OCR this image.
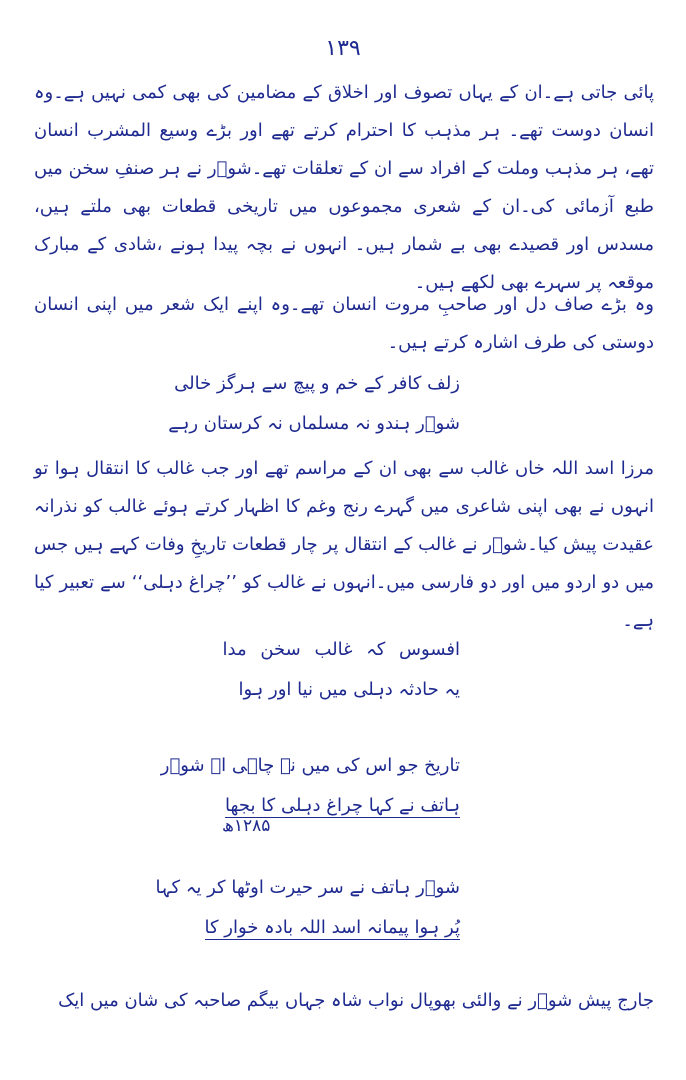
۱۳۹

پائی جاتی ہے۔ان کے یہاں تصوف اور اخلاق کے مضامین کی بھی کمی نہیں ہے۔وہ انسان دوست تھے۔ ہر مذہب کا احترام کرتے تھے اور بڑے وسیع المشرب انسان تھے، ہر مذہب وملت کے افراد سے ان کے تعلقات تھے۔شوؔر نے ہر صنفِ سخن میں طبع آزمائی کی۔ان کے شعری مجموعوں میں تاریخی قطعات بھی ملتے ہیں، مسدس اور قصیدے بھی بے شمار ہیں۔ انہوں نے بچہ پیدا ہونے ،شادی کے مبارک موقعہ پر سہرے بھی لکھے ہیں۔

وہ بڑے صاف دل اور صاحبِ مروت انسان تھے۔وہ اپنے ایک شعر میں اپنی انسان دوستی کی طرف اشارہ کرتے ہیں۔

زلف کافر کے خم و پیچ سے ہرگز خالی
شوؔر ہندو نہ مسلماں نہ کرستان رہے

مرزا اسد اللہ خاں غالب سے بھی ان کے مراسم تھے اور جب غالب کا انتقال ہوا تو انہوں نے بھی اپنی شاعری میں گہرے رنج وغم کا اظہار کرتے ہوئے غالب کو نذرانہ عقیدت پیش کیا۔شوؔر نے غالب کے انتقال پر چار قطعات تاریخِ وفات کہے ہیں جس میں دو اردو میں اور دو فارسی میں۔انہوں نے غالب کو ’’چراغ دہلی‘‘ سے تعبیر کیا ہے۔

افسوس کہ غالب سخن مدا
یہ حادثہ دہلی میں نیا اور ہوا
تاریخ جو اس کی میں نے چاہی اے شوؔر
ہاتف نے کہا چراغ دہلی کا بجھا
۱۲۸۵ھ
شوؔر ہاتف نے سر حیرت اوٹھا کر یہ کہا
پُر ہوا پیمانہ اسد اللہ بادہ خوار کا

جارج پیش شوؔر نے والئی بھوپال نواب شاہ جہاں بیگم صاحبہ کی شان میں ایک
